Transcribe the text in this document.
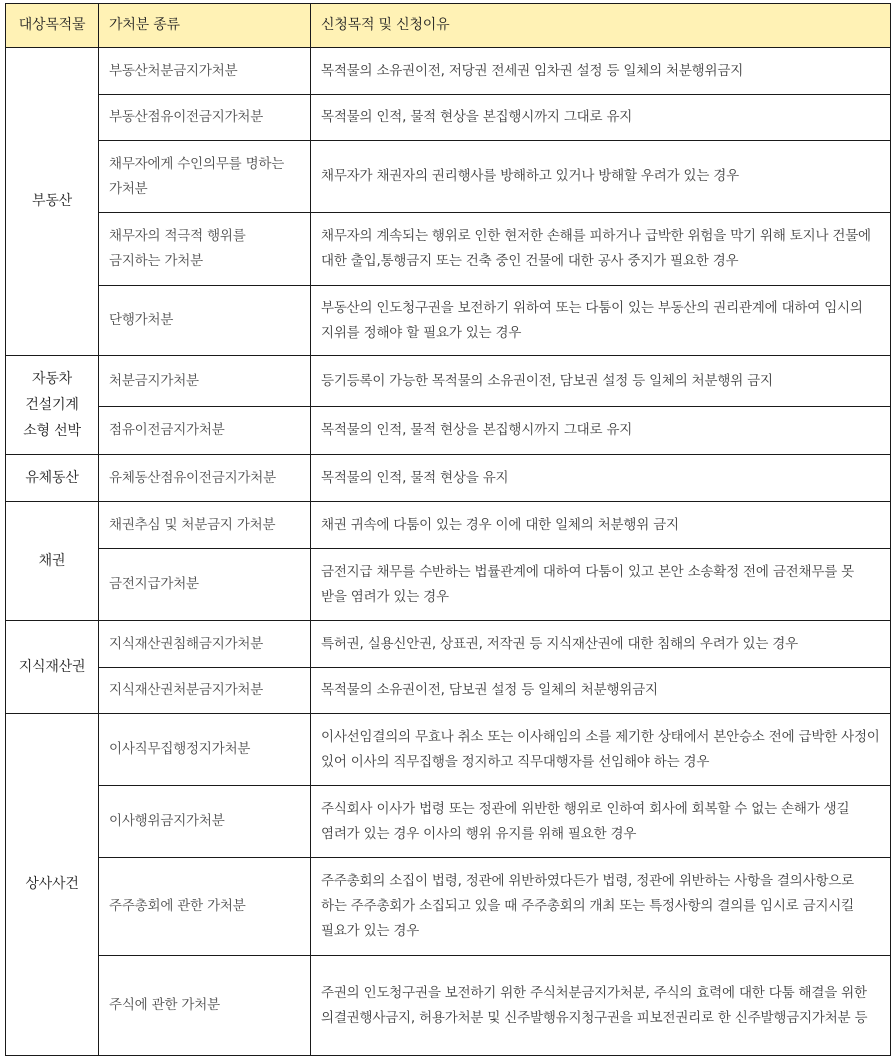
대상목적물	가처분 종류	신청목적 및 신청이유
부동산	부동산처분금지가처분	목적물의 소유권이전, 저당권 전세권 임차권 설정 등 일체의 처분행위금지
	부동산점유이전금지가처분	목적물의 인적, 물적 현상을 본집행시까지 그대로 유지
	채무자에게 수인의무를 명하는 가처분	채무자가 채권자의 권리행사를 방해하고 있거나 방해할 우려가 있는 경우
	채무자의 적극적 행위를 금지하는 가처분	채무자의 계속되는 행위로 인한 현저한 손해를 피하거나 급박한 위험을 막기 위해 토지나 건물에 대한 출입,통행금지 또는 건축 중인 건물에 대한 공사 중지가 필요한 경우
	단행가처분	부동산의 인도청구권을 보전하기 위하여 또는 다툼이 있는 부동산의 권리관계에 대하여 임시의 지위를 정해야 할 필요가 있는 경우
자동차 건설기계 소형 선박	처분금지가처분	등기등록이 가능한 목적물의 소유권이전, 담보권 설정 등 일체의 처분행위 금지
	점유이전금지가처분	목적물의 인적, 물적 현상을 본집행시까지 그대로 유지
유체동산	유체동산점유이전금지가처분	목적물의 인적, 물적 현상을 유지
채권	채권추심 및 처분금지 가처분	채권 귀속에 다툼이 있는 경우 이에 대한 일체의 처분행위 금지
	금전지급가처분	금전지급 채무를 수반하는 법률관계에 대하여 다툼이 있고 본안 소송확정 전에 금전채무를 못 받을 염려가 있는 경우
지식재산권	지식재산권침해금지가처분	특허권, 실용신안권, 상표권, 저작권 등 지식재산권에 대한 침해의 우려가 있는 경우
	지식재산권처분금지가처분	목적물의 소유권이전, 담보권 설정 등 일체의 처분행위금지
상사사건	이사직무집행정지가처분	이사선임결의의 무효나 취소 또는 이사해임의 소를 제기한 상태에서 본안승소 전에 급박한 사정이 있어 이사의 직무집행을 정지하고 직무대행자를 선임해야 하는 경우
	이사행위금지가처분	주식회사 이사가 법령 또는 정관에 위반한 행위로 인하여 회사에 회복할 수 없는 손해가 생길 염려가 있는 경우 이사의 행위 유지를 위해 필요한 경우
	주주총회에 관한 가처분	주주총회의 소집이 법령, 정관에 위반하였다든가 법령, 정관에 위반하는 사항을 결의사항으로 하는 주주총회가 소집되고 있을 때 주주총회의 개최 또는 특정사항의 결의를 임시로 금지시킬 필요가 있는 경우
	주식에 관한 가처분	주권의 인도청구권을 보전하기 위한 주식처분금지가처분, 주식의 효력에 대한 다툼 해결을 위한 의결권행사금지, 허용가처분 및 신주발행유지청구권을 피보전권리로 한 신주발행금지가처분 등
